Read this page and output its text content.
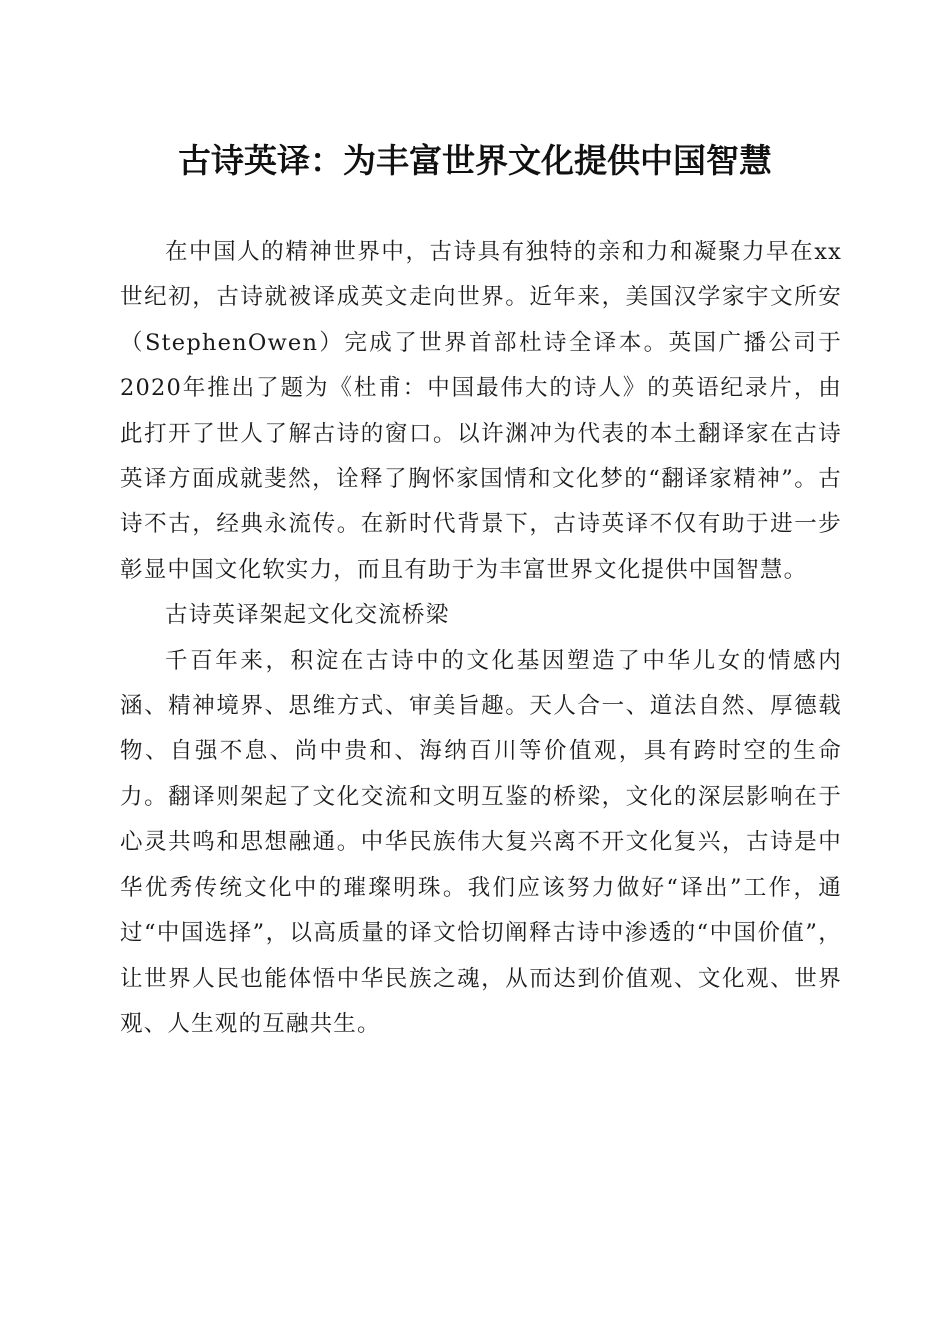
古诗英译：为丰富世界文化提供中国智慧

在中国人的精神世界中，古诗具有独特的亲和力和凝聚力早在xx世纪初，古诗就被译成英文走向世界。近年来，美国汉学家宇文所安（StephenOwen）完成了世界首部杜诗全译本。英国广播公司于2020年推出了题为《杜甫：中国最伟大的诗人》的英语纪录片，由此打开了世人了解古诗的窗口。以许渊冲为代表的本土翻译家在古诗英译方面成就斐然，诠释了胸怀家国情和文化梦的“翻译家精神”。古诗不古，经典永流传。在新时代背景下，古诗英译不仅有助于进一步彰显中国文化软实力，而且有助于为丰富世界文化提供中国智慧。

古诗英译架起文化交流桥梁

千百年来，积淀在古诗中的文化基因塑造了中华儿女的情感内涵、精神境界、思维方式、审美旨趣。天人合一、道法自然、厚德载物、自强不息、尚中贵和、海纳百川等价值观，具有跨时空的生命力。翻译则架起了文化交流和文明互鉴的桥梁，文化的深层影响在于心灵共鸣和思想融通。中华民族伟大复兴离不开文化复兴，古诗是中华优秀传统文化中的璀璨明珠。我们应该努力做好“译出”工作，通过“中国选择”，以高质量的译文恰切阐释古诗中渗透的“中国价值”，让世界人民也能体悟中华民族之魂，从而达到价值观、文化观、世界观、人生观的互融共生。
